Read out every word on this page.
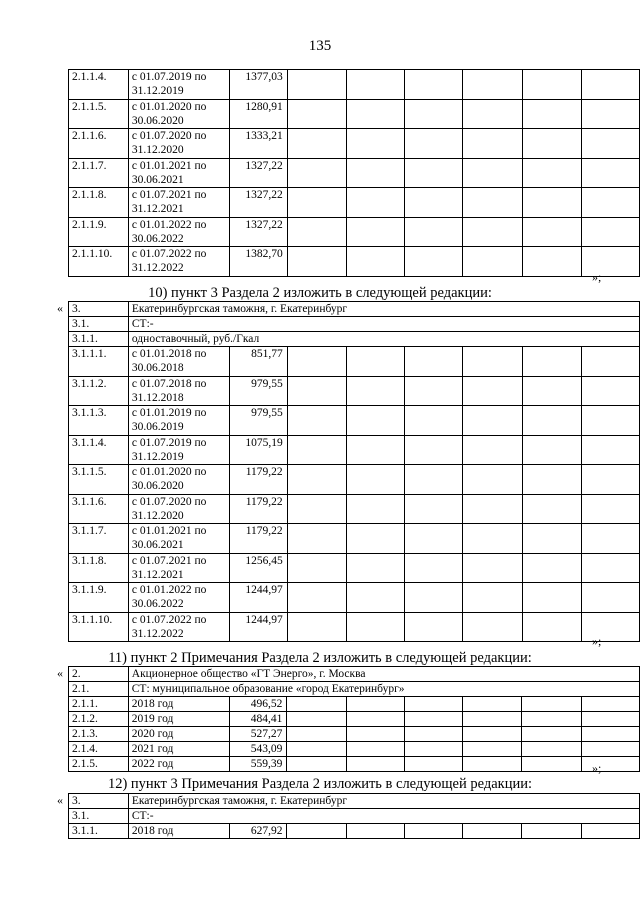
135
2.1.1.4.	с 01.07.2019 по
31.12.2019	1377,03						
2.1.1.5.	с 01.01.2020 по
30.06.2020	1280,91						
2.1.1.6.	с 01.07.2020 по
31.12.2020	1333,21						
2.1.1.7.	с 01.01.2021 по
30.06.2021	1327,22						
2.1.1.8.	с 01.07.2021 по
31.12.2021	1327,22						
2.1.1.9.	с 01.01.2022 по
30.06.2022	1327,22						
2.1.1.10.	с 01.07.2022 по
31.12.2022	1382,70						
»;
10) пункт 3 Раздела 2 изложить в следующей редакции:
« 3.	Екатеринбургская таможня, г. Екатеринбург							
3.1.	СТ:-							
3.1.1.	одноставочный, руб./Гкал							
3.1.1.1.	с 01.01.2018 по
30.06.2018	851,77						
3.1.1.2.	с 01.07.2018 по
31.12.2018	979,55						
3.1.1.3.	с 01.01.2019 по
30.06.2019	979,55						
3.1.1.4.	с 01.07.2019 по
31.12.2019	1075,19						
3.1.1.5.	с 01.01.2020 по
30.06.2020	1179,22						
3.1.1.6.	с 01.07.2020 по
31.12.2020	1179,22						
3.1.1.7.	с 01.01.2021 по
30.06.2021	1179,22						
3.1.1.8.	с 01.07.2021 по
31.12.2021	1256,45						
3.1.1.9.	с 01.01.2022 по
30.06.2022	1244,97						
3.1.1.10.	с 01.07.2022 по
31.12.2022	1244,97						
»;
11) пункт 2 Примечания Раздела 2 изложить в следующей редакции:
« 2.	Акционерное общество «ГТ Энерго», г. Москва							
2.1.	СТ: муниципальное образование «город Екатеринбург»							
2.1.1.	2018 год	496,52						
2.1.2.	2019 год	484,41						
2.1.3.	2020 год	527,27						
2.1.4.	2021 год	543,09						
2.1.5.	2022 год	559,39							»;
12) пункт 3 Примечания Раздела 2 изложить в следующей редакции:
« 3.	Екатеринбургская таможня, г. Екатеринбург							
3.1.	СТ:-							
3.1.1.	2018 год	627,92						
